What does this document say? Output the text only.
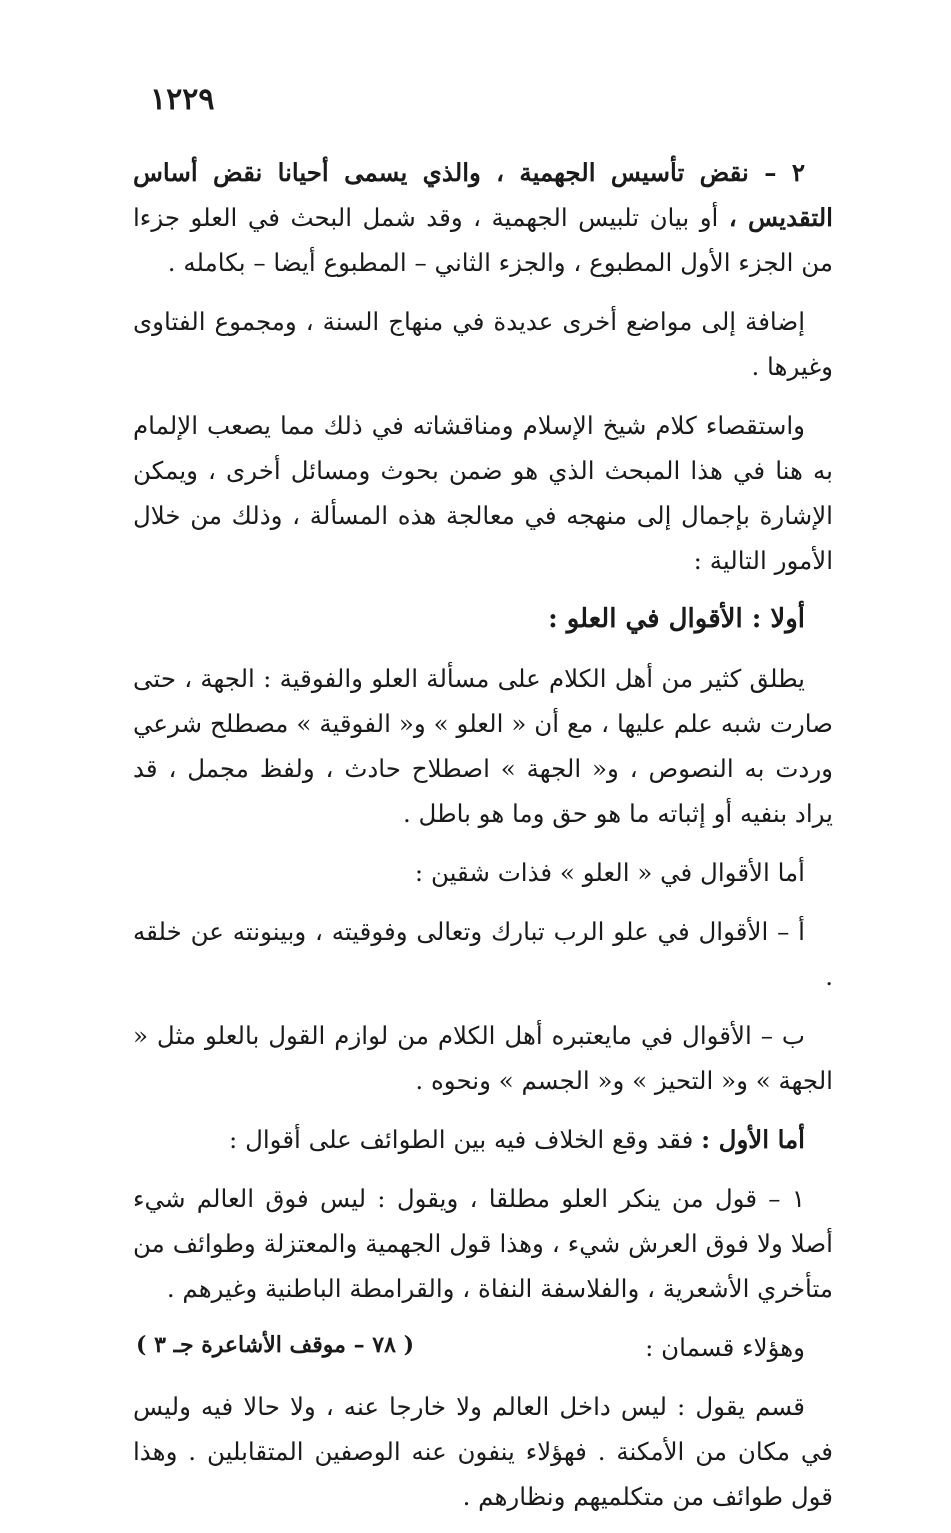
١٢٢٩

٢ – نقض تأسيس الجهمية ، والذي يسمى أحيانا نقض أساس التقديس ، أو بيان تلبيس الجهمية ، وقد شمل البحث في العلو جزءا من الجزء الأول المطبوع ، والجزء الثاني – المطبوع أيضا – بكامله .

إضافة إلى مواضع أخرى عديدة في منهاج السنة ، ومجموع الفتاوى وغيرها .

واستقصاء كلام شيخ الإسلام ومناقشاته في ذلك مما يصعب الإلمام به هنا في هذا المبحث الذي هو ضمن بحوث ومسائل أخرى ، ويمكن الإشارة بإجمال إلى منهجه في معالجة هذه المسألة ، وذلك من خلال الأمور التالية :

أولا : الأقوال في العلو :

يطلق كثير من أهل الكلام على مسألة العلو والفوقية : الجهة ، حتى صارت شبه علم عليها ، مع أن « العلو » و« الفوقية » مصطلح شرعي وردت به النصوص ، و« الجهة » اصطلاح حادث ، ولفظ مجمل ، قد يراد بنفيه أو إثباته ما هو حق وما هو باطل .

أما الأقوال في « العلو » فذات شقين :

أ – الأقوال في علو الرب تبارك وتعالى وفوقيته ، وبينونته عن خلقه .

ب – الأقوال في مايعتبره أهل الكلام من لوازم القول بالعلو مثل « الجهة » و« التحيز » و« الجسم » ونحوه .

أما الأول : فقد وقع الخلاف فيه بين الطوائف على أقوال :

١ – قول من ينكر العلو مطلقا ، ويقول : ليس فوق العالم شيء أصلا ولا فوق العرش شيء ، وهذا قول الجهمية والمعتزلة وطوائف من متأخري الأشعرية ، والفلاسفة النفاة ، والقرامطة الباطنية وغيرهم .

وهؤلاء قسمان :

قسم يقول : ليس داخل العالم ولا خارجا عنه ، ولا حالا فيه وليس في مكان من الأمكنة . فهؤلاء ينفون عنه الوصفين المتقابلين . وهذا قول طوائف من متكلميهم ونظارهم .

( ٧٨ – موقف الأشاعرة جـ ٣ )
